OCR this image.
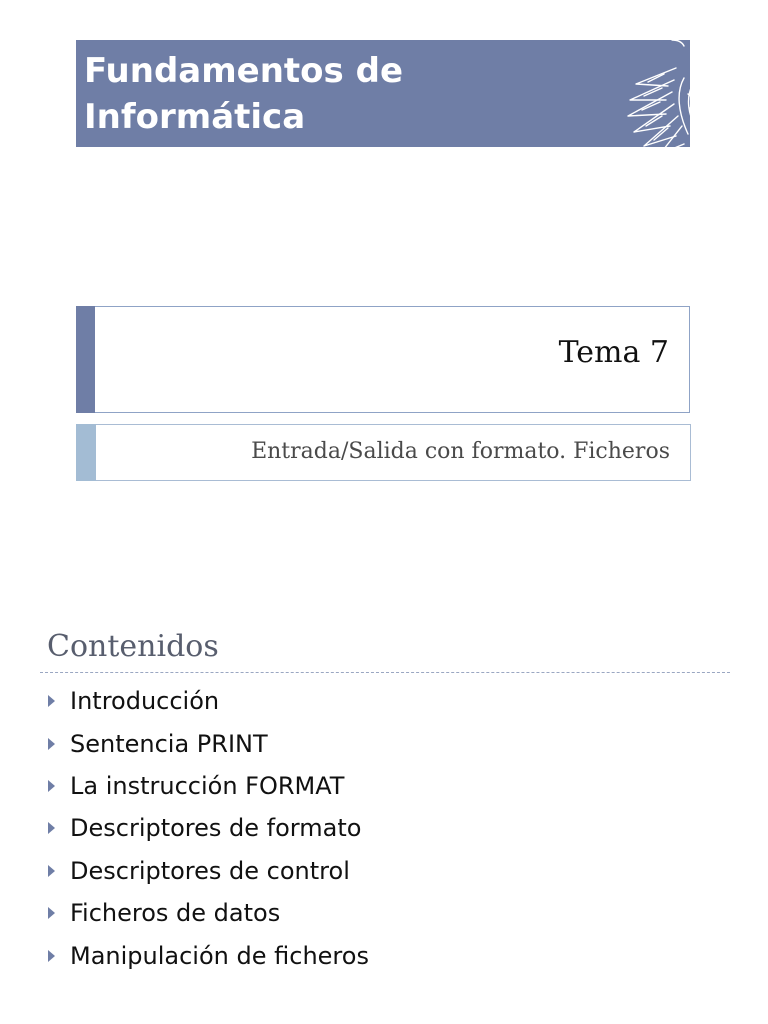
Fundamentos de
Informática
Tema 7

Entrada/Salida con formato. Ficheros

Contenidos
Introducción
Sentencia PRINT
La instrucción FORMAT
Descriptores de formato
Descriptores de control
Ficheros de datos
Manipulación de ficheros
